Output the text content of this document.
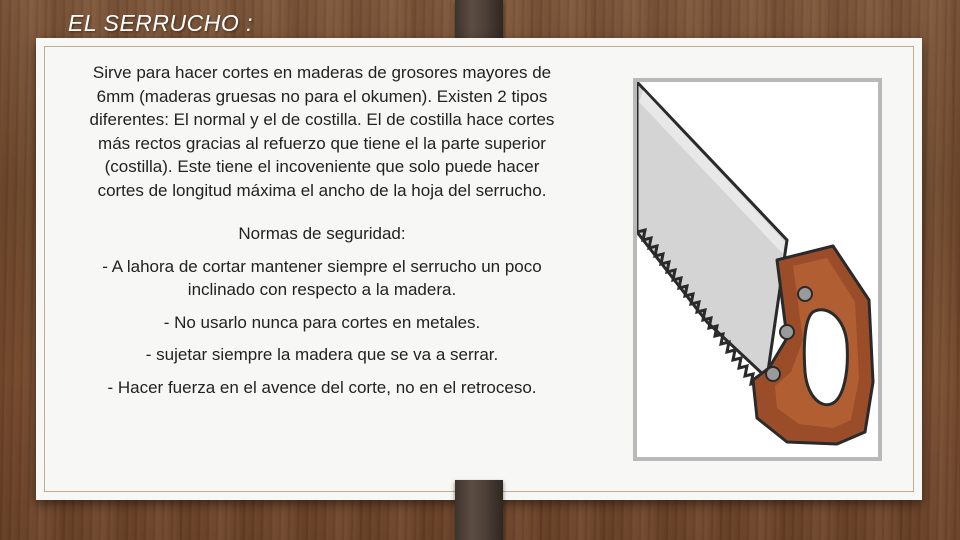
EL SERRUCHO :

Sirve para hacer cortes en maderas de grosores mayores de 6mm (maderas gruesas no para el okumen). Existen 2 tipos diferentes: El normal y el de costilla. El de costilla hace cortes más rectos gracias al refuerzo que tiene el la parte superior (costilla). Este tiene el incoveniente que solo puede hacer cortes de longitud máxima el ancho de la hoja del serrucho.

Normas de seguridad:

- A lahora de cortar mantener siempre el serrucho un poco inclinado con respecto a la madera.

- No usarlo nunca para cortes en metales.

- sujetar siempre la madera que se va a serrar.

- Hacer fuerza en el avence del corte, no en el retroceso.
